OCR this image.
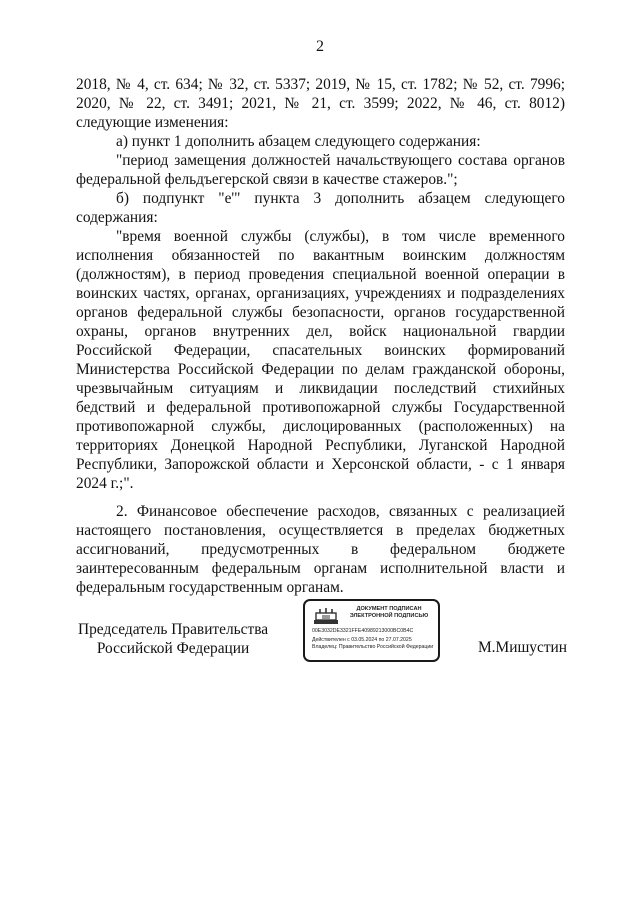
2

2018, № 4, ст. 634; № 32, ст. 5337; 2019, № 15, ст. 1782; № 52, ст. 7996; 2020, № 22, ст. 3491; 2021, № 21, ст. 3599; 2022, № 46, ст. 8012) следующие изменения:

а) пункт 1 дополнить абзацем следующего содержания:

"период замещения должностей начальствующего состава органов федеральной фельдъегерской связи в качестве стажеров.";

б) подпункт "е'" пункта 3 дополнить абзацем следующего содержания:

"время военной службы (службы), в том числе временного исполнения обязанностей по вакантным воинским должностям (должностям), в период проведения специальной военной операции в воинских частях, органах, организациях, учреждениях и подразделениях органов федеральной службы безопасности, органов государственной охраны, органов внутренних дел, войск национальной гвардии Российской Федерации, спасательных воинских формирований Министерства Российской Федерации по делам гражданской обороны, чрезвычайным ситуациям и ликвидации последствий стихийных бедствий и федеральной противопожарной службы Государственной противопожарной службы, дислоцированных (расположенных) на территориях Донецкой Народной Республики, Луганской Народной Республики, Запорожской области и Херсонской области, - с 1 января 2024 г.;".

2. Финансовое обеспечение расходов, связанных с реализацией настоящего постановления, осуществляется в пределах бюджетных ассигнований, предусмотренных в федеральном бюджете заинтересованным федеральным органам исполнительной власти и федеральным государственным органам.

Председатель Правительства
Российской Федерации
ДОКУМЕНТ ПОДПИСАН ЭЛЕКТРОННОЙ ПОДПИСЬЮ
00E3032DE3321FFE40989213000BC0B4C
Действителен с 03.05.2024 по 27.07.2025
Владелец: Правительство Российской Федерации	М.Мишустин
